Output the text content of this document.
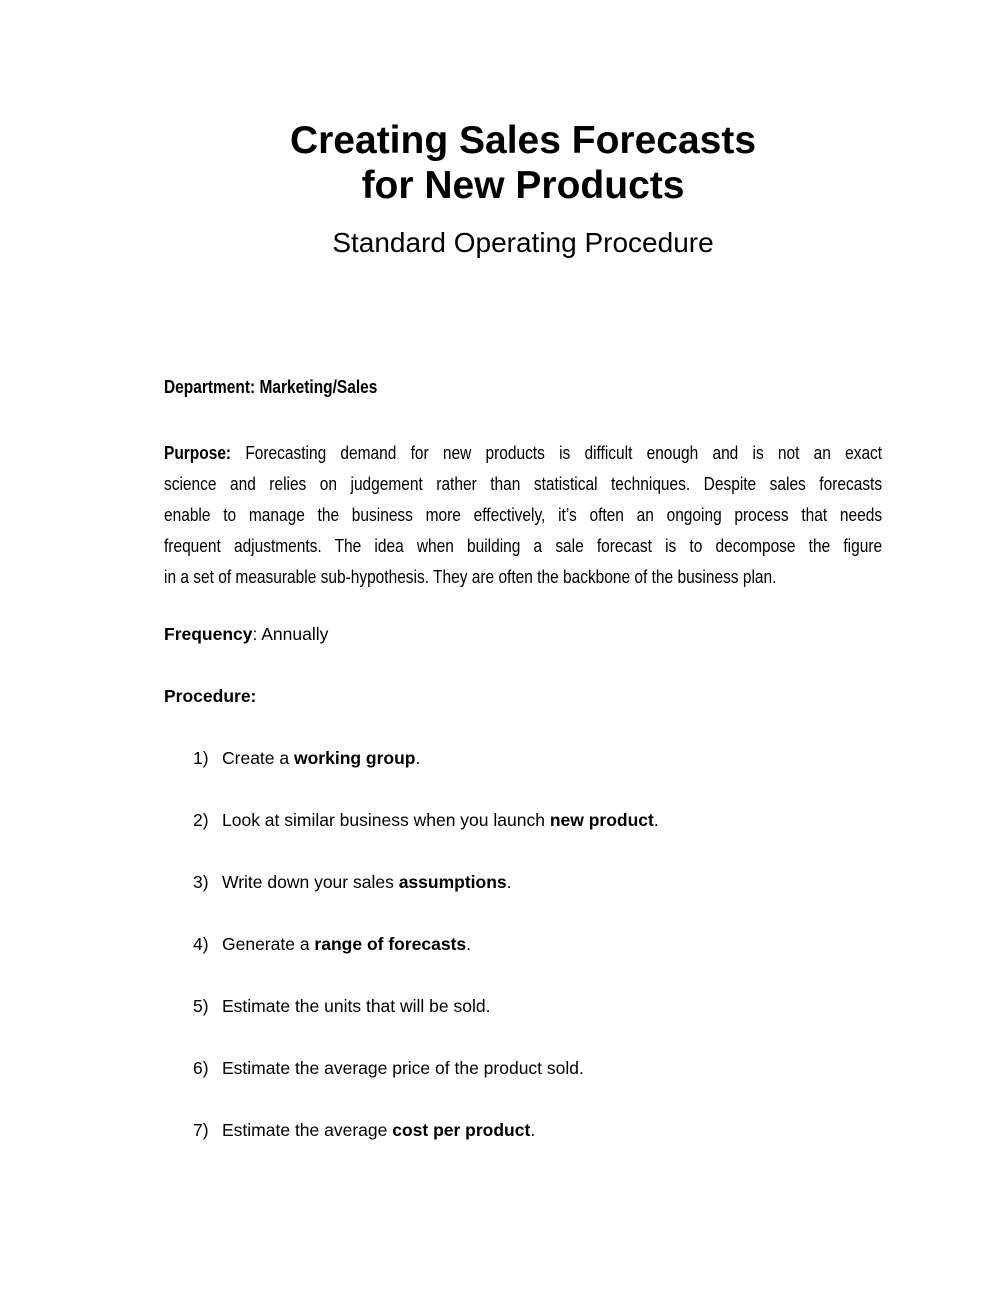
Creating Sales Forecasts
for New Products
Standard Operating Procedure
Department: Marketing/Sales
Purpose: Forecasting demand for new products is difficult enough and is not an exact
science and relies on judgement rather than statistical techniques. Despite sales forecasts
enable to manage the business more effectively, it’s often an ongoing process that needs
frequent adjustments. The idea when building a sale forecast is to decompose the figure
in a set of measurable sub-hypothesis. They are often the backbone of the business plan.
Frequency: Annually
Procedure:
1) Create a working group.
2) Look at similar business when you launch new product.
3) Write down your sales assumptions.
4) Generate a range of forecasts.
5) Estimate the units that will be sold.
6) Estimate the average price of the product sold.
7) Estimate the average cost per product.
